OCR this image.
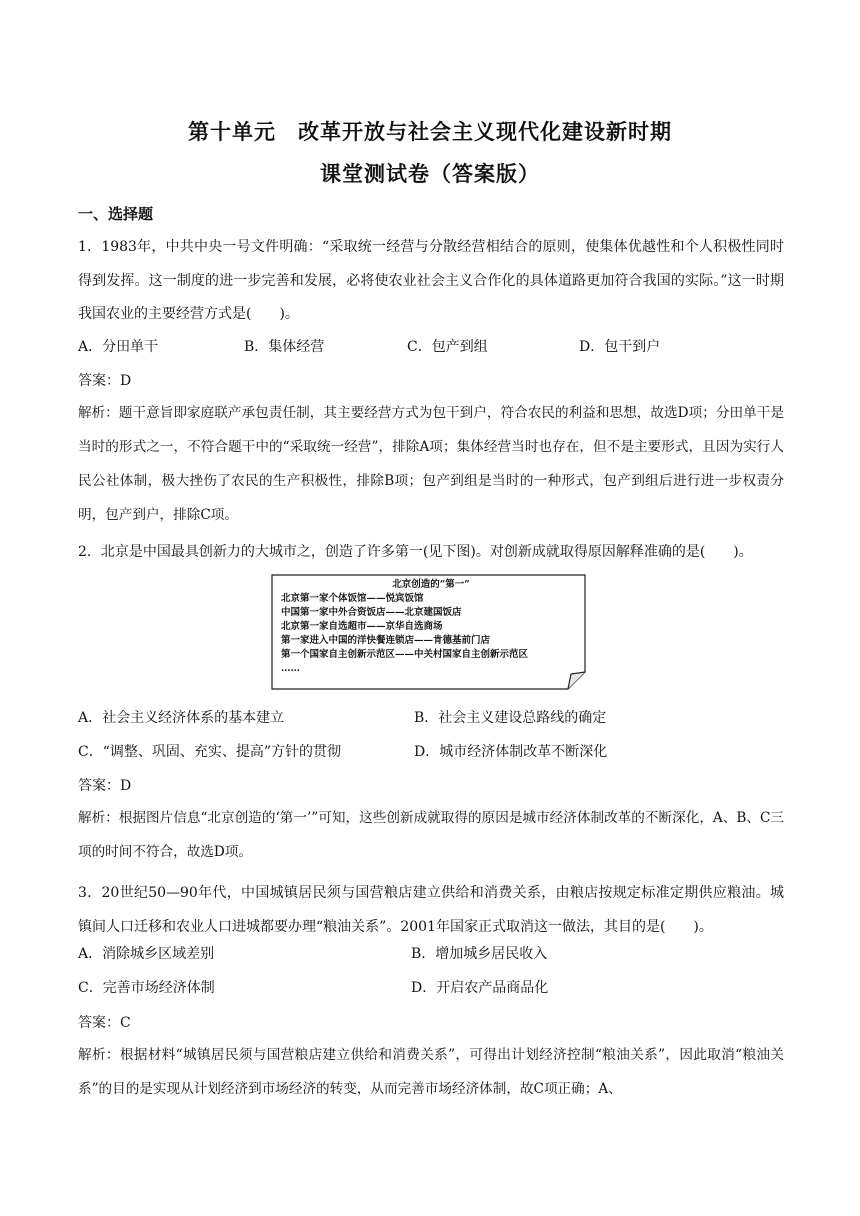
第十单元　改革开放与社会主义现代化建设新时期
课堂测试卷（答案版）
一、选择题
1．1983年，中共中央一号文件明确：“采取统一经营与分散经营相结合的原则，使集体优越性和个人积极性同时得到发挥。这一制度的进一步完善和发展，必将使农业社会主义合作化的具体道路更加符合我国的实际。”这一时期我国农业的主要经营方式是(　　)。
A．分田单干	B．集体经营	C．包产到组	D．包干到户
答案：D
解析：题干意旨即家庭联产承包责任制，其主要经营方式为包干到户，符合农民的利益和思想，故选D项；分田单干是当时的形式之一，不符合题干中的“采取统一经营”，排除A项；集体经营当时也存在，但不是主要形式，且因为实行人民公社体制，极大挫伤了农民的生产积极性，排除B项；包产到组是当时的一种形式，包产到组后进行进一步权责分明，包产到户，排除C项。
2．北京是中国最具创新力的大城市之，创造了许多第一(见下图)。对创新成就取得原因解释准确的是(　　)。
北京创造的“第一”
北京第一家个体饭馆——悦宾饭馆
中国第一家中外合资饭店——北京建国饭店
北京第一家自选超市——京华自选商场
第一家进入中国的洋快餐连锁店——肯德基前门店
第一个国家自主创新示范区——中关村国家自主创新示范区
……
A．社会主义经济体系的基本建立	B．社会主义建设总路线的确定
C．“调整、巩固、充实、提高”方针的贯彻	D．城市经济体制改革不断深化
答案：D
解析：根据图片信息“北京创造的‘第一’”可知，这些创新成就取得的原因是城市经济体制改革的不断深化，A、B、C三项的时间不符合，故选D项。
3．20世纪50—90年代，中国城镇居民须与国营粮店建立供给和消费关系，由粮店按规定标准定期供应粮油。城镇间人口迁移和农业人口进城都要办理“粮油关系”。2001年国家正式取消这一做法，其目的是(　　)。
A．消除城乡区域差别	B．增加城乡居民收入
C．完善市场经济体制	D．开启农产品商品化
答案：C
解析：根据材料“城镇居民须与国营粮店建立供给和消费关系”，可得出计划经济控制“粮油关系”，因此取消“粮油关系”的目的是实现从计划经济到市场经济的转变，从而完善市场经济体制，故C项正确；A、
